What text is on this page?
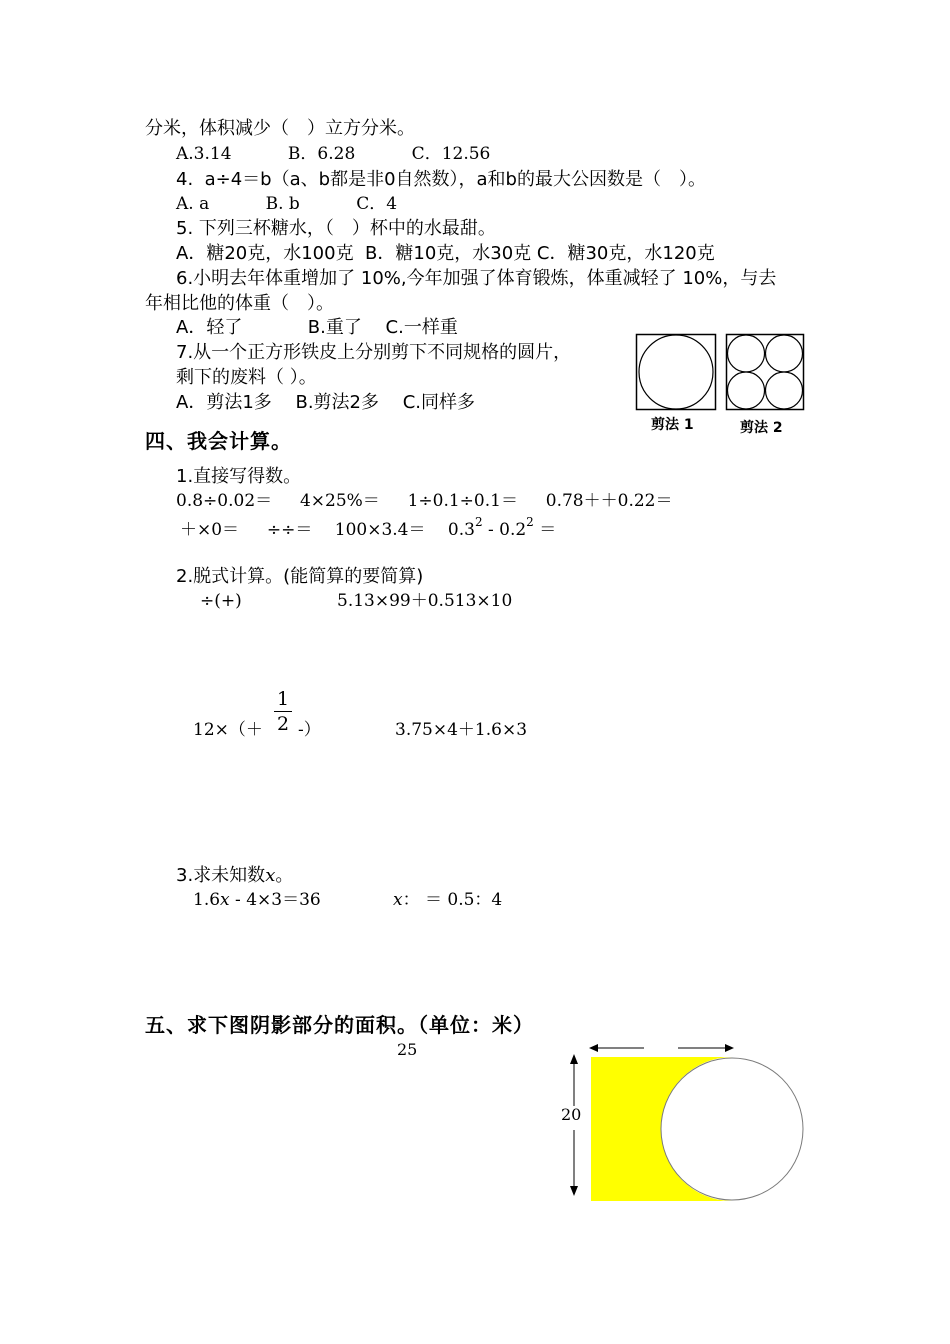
分米，体积减少（　）立方分米。
A.3.14　　　 B．6.28　　　 C．12.56
4.  a÷4＝b（a、b都是非0自然数），a和b的最大公因数是（　）。
A. a　　　 B. b　　　 C．4
5. 下列三杯糖水，（　）杯中的水最甜。
A．糖20克，水100克  B．糖10克，水30克 C．糖30克，水120克
6.小明去年体重增加了 10%,今年加强了体育锻炼，体重减轻了 10%，与去
年相比他的体重（　）。
A．轻了　　　  B.重了　 C.一样重
7.从一个正方形铁皮上分别剪下不同规格的圆片，
剩下的废料（ ）。
A．剪法1多　 B.剪法2多　 C.同样多
剪法 1	剪法 2
四、我会计算。
1.直接写得数。
0.8÷0.02＝　  4×25%＝　  1÷0.1÷0.1＝　  0.78＋＋0.22＝
＋×0＝　  ÷÷＝　 100×3.4＝　 $0.3^2 - 0.2^2$ ＝
2.脱式计算。(能简算的要简算)
÷(+)	5.13×99＋0.513×10
12×（＋
1
2 -）	3.75×4＋1.6×3
3.求未知数x。
1.6x - 4×3＝36	x： ＝ 0.5：4
五、求下图阴影部分的面积。（单位：米）
25
20
